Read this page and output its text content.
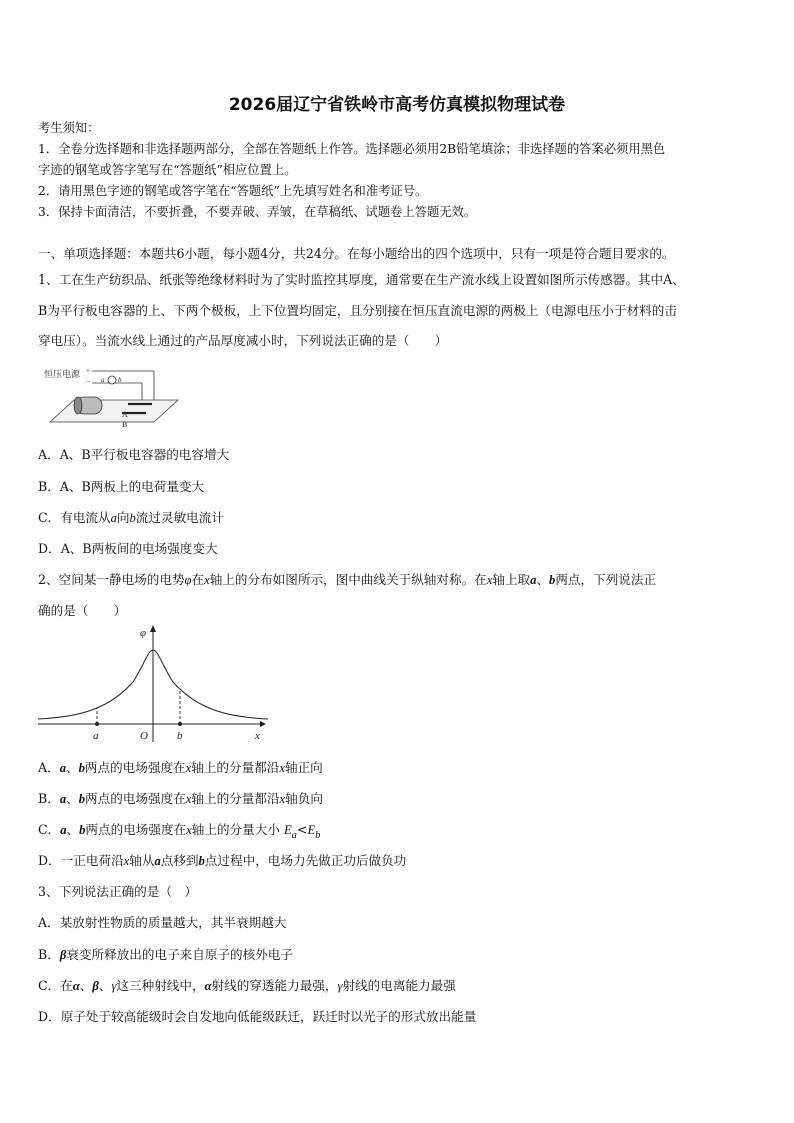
2026届辽宁省铁岭市高考仿真模拟物理试卷
考生须知：
1．全卷分选择题和非选择题两部分，全部在答题纸上作答。选择题必须用2B铅笔填涂；非选择题的答案必须用黑色
字迹的钢笔或答字笔写在“答题纸”相应位置上。
2．请用黑色字迹的钢笔或答字笔在“答题纸”上先填写姓名和准考证号。
3．保持卡面清洁，不要折叠，不要弄破、弄皱，在草稿纸、试题卷上答题无效。
一、单项选择题：本题共6小题，每小题4分，共24分。在每小题给出的四个选项中，只有一项是符合题目要求的。
1、工在生产纺织品、纸张等绝缘材料时为了实时监控其厚度，通常要在生产流水线上设置如图所示传感器。其中A、
B为平行板电容器的上、下两个极板，上下位置均固定，且分别接在恒压直流电源的两极上（电源电压小于材料的击
穿电压）。当流水线上通过的产品厚度减小时，下列说法正确的是（　　）
恒压电源 +
− a b
A
B
A．A、B平行板电容器的电容增大
B．A、B两板上的电荷量变大
C．有电流从a向b流过灵敏电流计
D．A、B两板间的电场强度变大
2、空间某一静电场的电势φ在x轴上的分布如图所示，图中曲线关于纵轴对称。在x轴上取a、b两点，下列说法正
确的是（　　）
φ
x
O
a	b
A．a、b两点的电场强度在x轴上的分量都沿x轴正向
B．a、b两点的电场强度在x轴上的分量都沿x轴负向
C．a、b两点的电场强度在x轴上的分量大小 $E_a<E_b$
D．一正电荷沿x轴从a点移到b点过程中，电场力先做正功后做负功
3、下列说法正确的是（　）
A．某放射性物质的质量越大，其半衰期越大
B．β衰变所释放出的电子来自原子的核外电子
C．在α、β、γ这三种射线中，α射线的穿透能力最强，γ射线的电离能力最强
D．原子处于较高能级时会自发地向低能级跃迁，跃迁时以光子的形式放出能量
